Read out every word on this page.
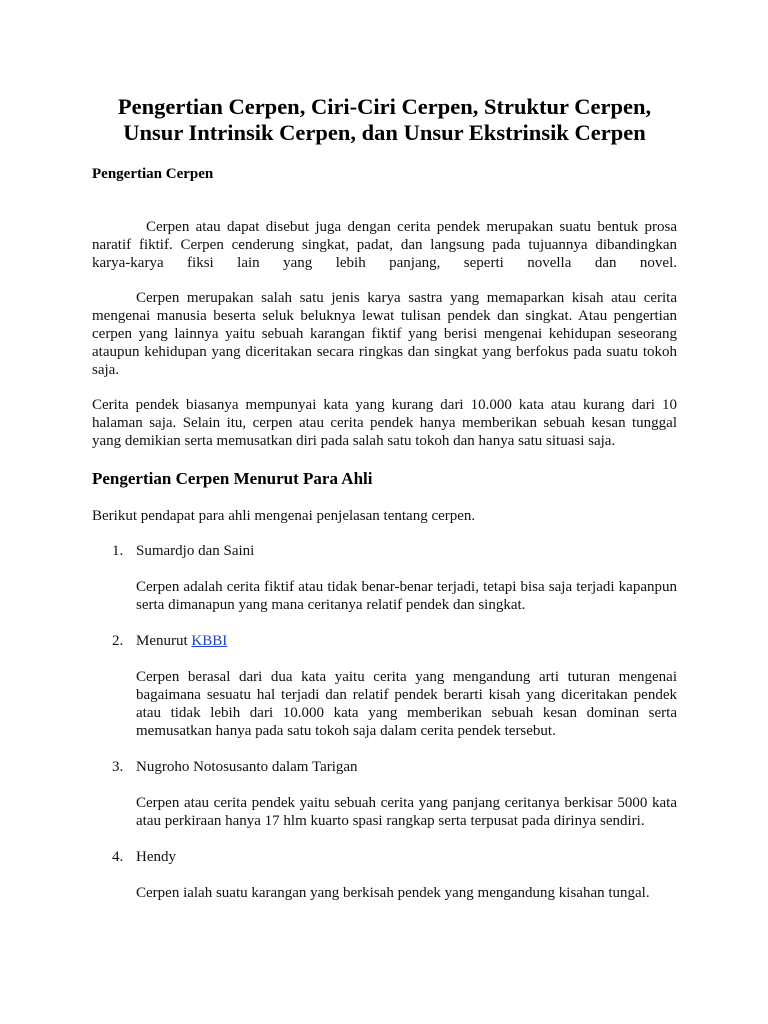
Pengertian Cerpen, Ciri-Ciri Cerpen, Struktur Cerpen,
Unsur Intrinsik Cerpen, dan Unsur Ekstrinsik Cerpen
Pengertian Cerpen
Cerpen atau dapat disebut juga dengan cerita pendek merupakan suatu bentuk prosa
naratif fiktif. Cerpen cenderung singkat, padat, dan langsung pada tujuannya dibandingkan
karya-karya fiksi lain yang lebih panjang, seperti novella dan novel.
Cerpen merupakan salah satu jenis karya sastra yang memaparkan kisah atau cerita
mengenai manusia beserta seluk beluknya lewat tulisan pendek dan singkat. Atau pengertian
cerpen yang lainnya yaitu sebuah karangan fiktif yang berisi mengenai kehidupan seseorang
ataupun kehidupan yang diceritakan secara ringkas dan singkat yang berfokus pada suatu tokoh
saja.
Cerita pendek biasanya mempunyai kata yang kurang dari 10.000 kata atau kurang dari 10
halaman saja. Selain itu, cerpen atau cerita pendek hanya memberikan sebuah kesan tunggal
yang demikian serta memusatkan diri pada salah satu tokoh dan hanya satu situasi saja.
Pengertian Cerpen Menurut Para Ahli
Berikut pendapat para ahli mengenai penjelasan tentang cerpen.
1. Sumardjo dan Saini
Cerpen adalah cerita fiktif atau tidak benar-benar terjadi, tetapi bisa saja terjadi kapanpun
serta dimanapun yang mana ceritanya relatif pendek dan singkat.
2. Menurut KBBI
Cerpen berasal dari dua kata yaitu cerita yang mengandung arti tuturan mengenai
bagaimana sesuatu hal terjadi dan relatif pendek berarti kisah yang diceritakan pendek
atau tidak lebih dari 10.000 kata yang memberikan sebuah kesan dominan serta
memusatkan hanya pada satu tokoh saja dalam cerita pendek tersebut.
3. Nugroho Notosusanto dalam Tarigan
Cerpen atau cerita pendek yaitu sebuah cerita yang panjang ceritanya berkisar 5000 kata
atau perkiraan hanya 17 hlm kuarto spasi rangkap serta terpusat pada dirinya sendiri.
4. Hendy
Cerpen ialah suatu karangan yang berkisah pendek yang mengandung kisahan tungal.
